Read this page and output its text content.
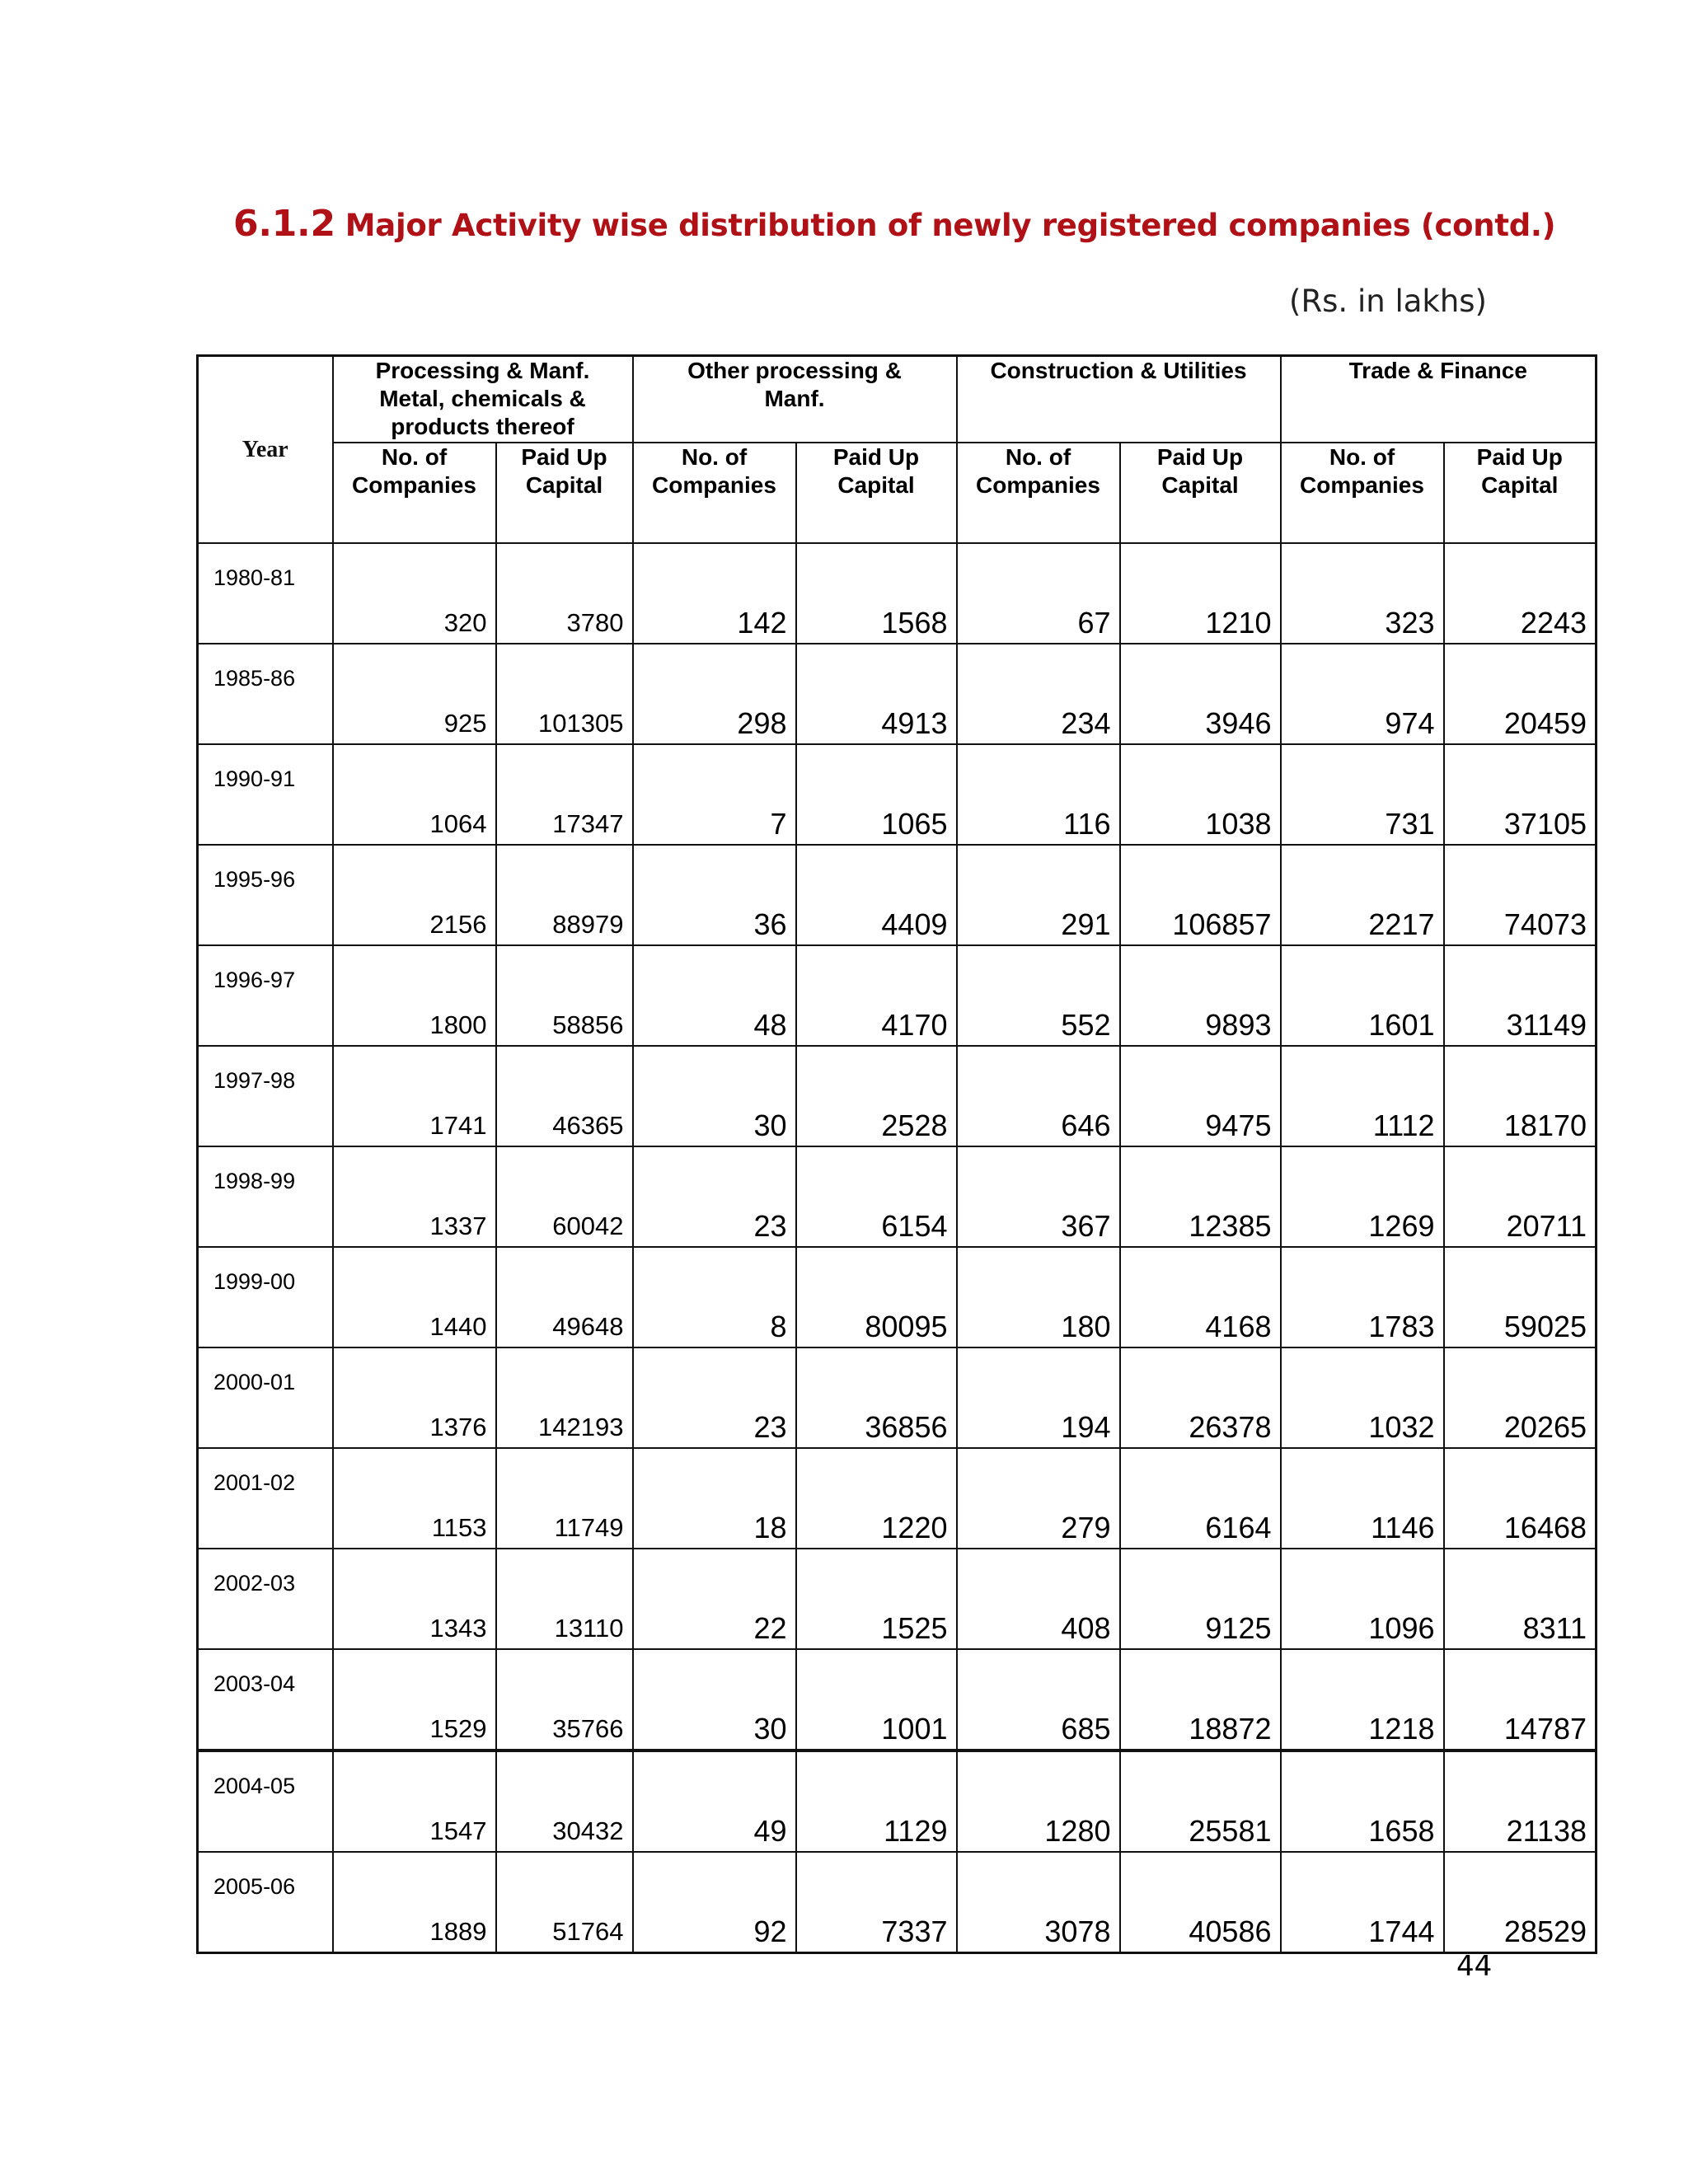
6.1.2 Major Activity wise distribution of newly registered companies (contd.)
(Rs. in lakhs)
Year	Processing & Manf. Metal, chemicals & products thereof		Other processing & Manf.		Construction & Utilities		Trade & Finance	
	No. of Companies	Paid Up Capital	No. of Companies	Paid Up Capital	No. of Companies	Paid Up Capital	No. of Companies	Paid Up Capital
1980-81	320	3780	142	1568	67	1210	323	2243
1985-86	925	101305	298	4913	234	3946	974	20459
1990-91	1064	17347	7	1065	116	1038	731	37105
1995-96	2156	88979	36	4409	291	106857	2217	74073
1996-97	1800	58856	48	4170	552	9893	1601	31149
1997-98	1741	46365	30	2528	646	9475	1112	18170
1998-99	1337	60042	23	6154	367	12385	1269	20711
1999-00	1440	49648	8	80095	180	4168	1783	59025
2000-01	1376	142193	23	36856	194	26378	1032	20265
2001-02	1153	11749	18	1220	279	6164	1146	16468
2002-03	1343	13110	22	1525	408	9125	1096	8311
2003-04	1529	35766	30	1001	685	18872	1218	14787
2004-05	1547	30432	49	1129	1280	25581	1658	21138
2005-06	1889	51764	92	7337	3078	40586	1744	28529
44
